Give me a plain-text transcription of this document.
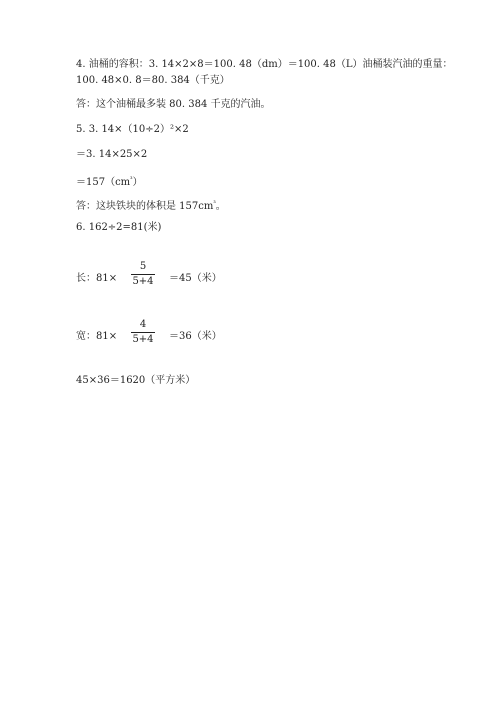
4. 油桶的容积：3. 14×2×8＝100. 48（dm）＝100. 48（L）油桶装汽油的重量：
100. 48×0. 8＝80. 384（千克）
答：这个油桶最多装 80. 384 千克的汽油。
5. 3. 14×（10÷2）²×2
＝3. 14×25×2
$=157(cm^{^3})$
答：这块铁块的体积是 $157cm^{^3}$。
6. 162÷2=81(米)
长：81×
5
5+4 ＝45（米）
宽：81×
4
5+4 ＝36（米）
45×36＝1620（平方米）
